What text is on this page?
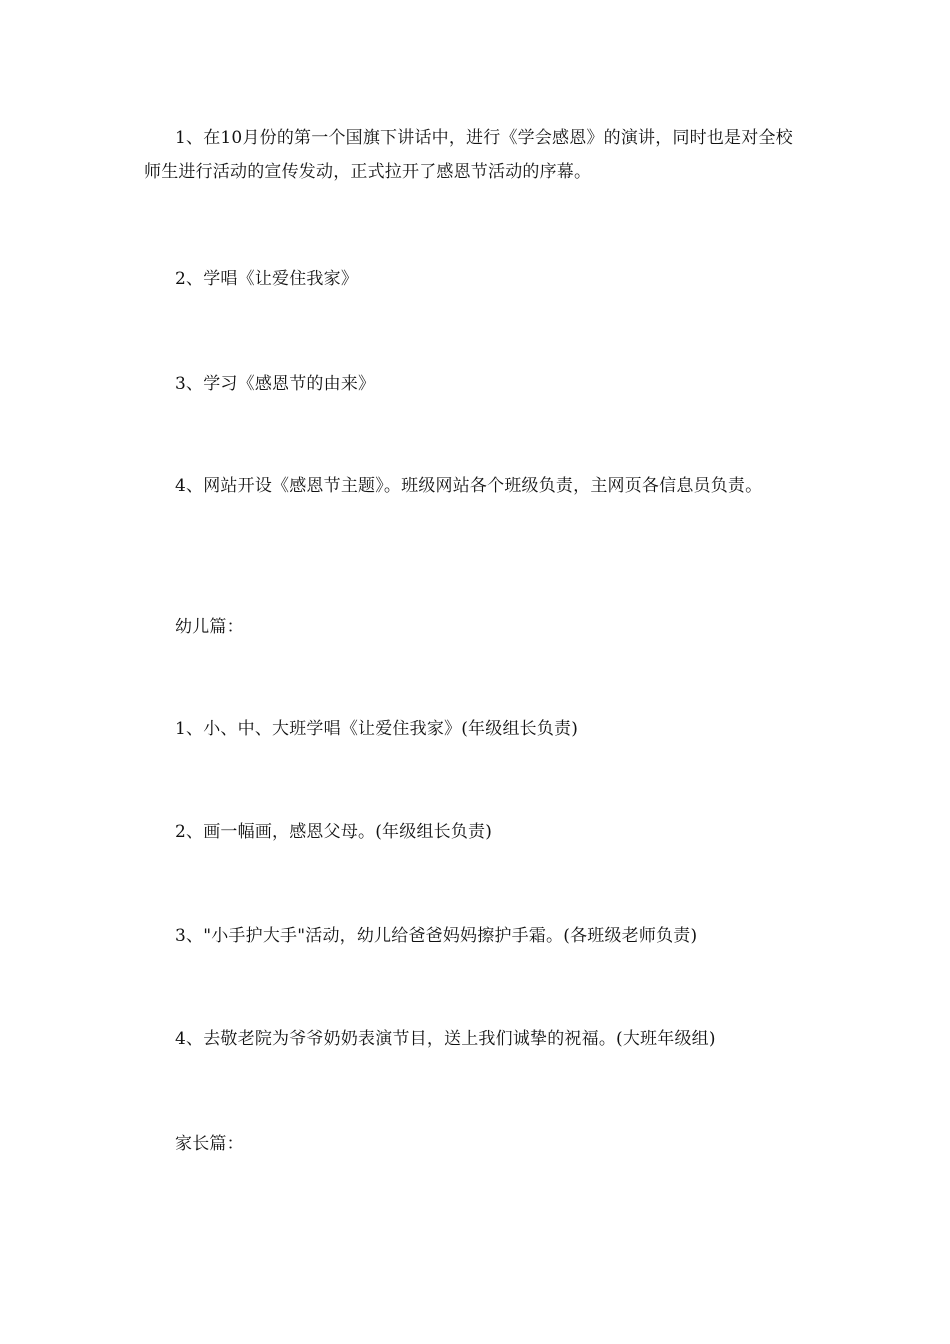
1、在10月份的第一个国旗下讲话中，进行《学会感恩》的演讲，同时也是对全校师生进行活动的宣传发动，正式拉开了感恩节活动的序幕。

2、学唱《让爱住我家》

3、学习《感恩节的由来》

4、网站开设《感恩节主题》。班级网站各个班级负责，主网页各信息员负责。

幼儿篇：

1、小、中、大班学唱《让爱住我家》(年级组长负责)

2、画一幅画，感恩父母。(年级组长负责)

3、"小手护大手"活动，幼儿给爸爸妈妈擦护手霜。(各班级老师负责)

4、去敬老院为爷爷奶奶表演节目，送上我们诚挚的祝福。(大班年级组)

家长篇：
